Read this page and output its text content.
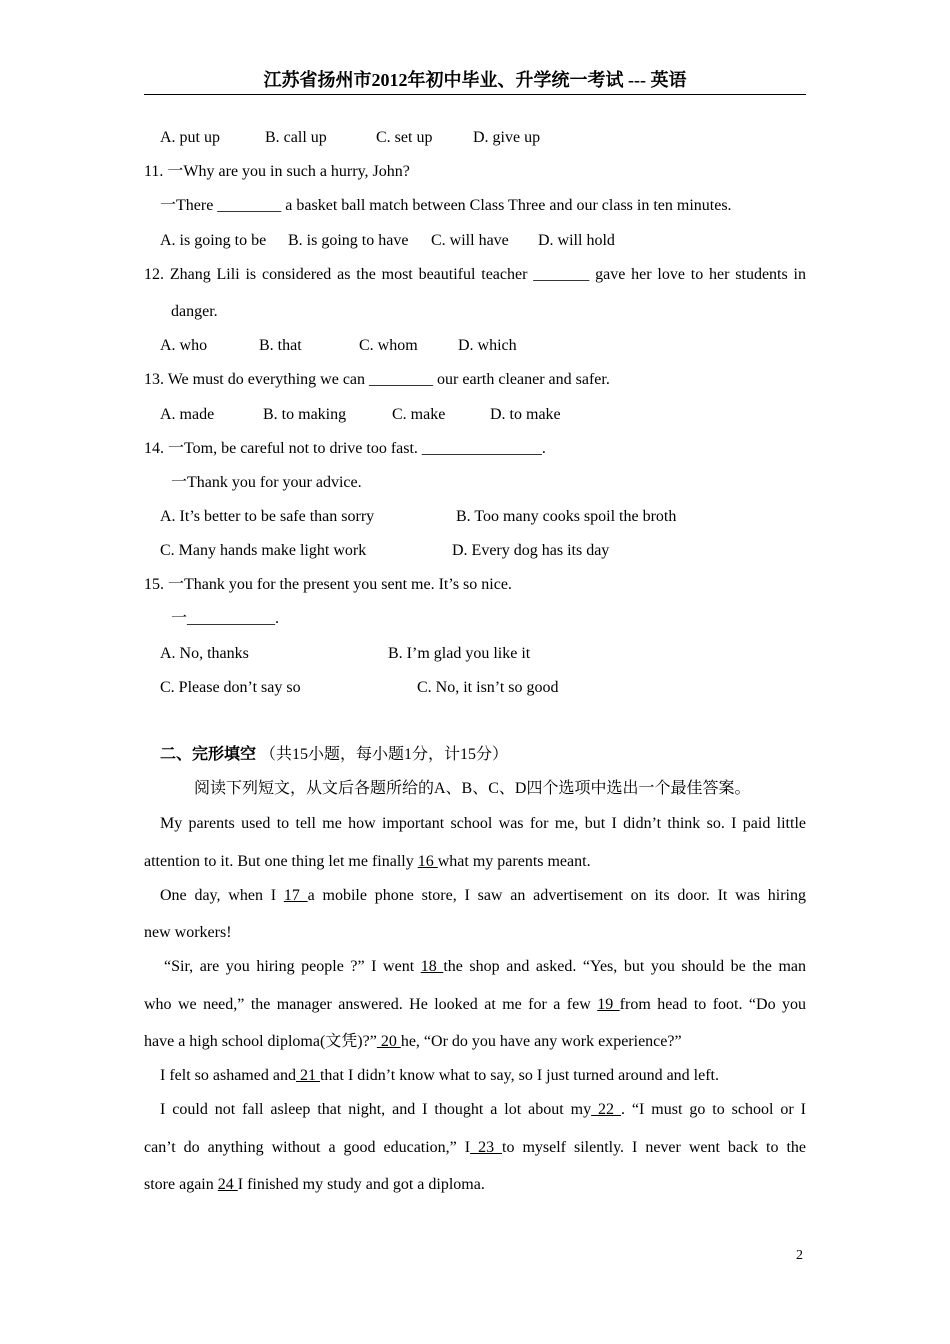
江苏省扬州市2012年初中毕业、升学统一考试 --- 英语
A. put up	B. call up	C. set up	D. give up
11. 一Why are you in such a hurry, John?
一There ________ a basket ball match between Class Three and our class in ten minutes.
A. is going to be B. is going to have C. will have D. will hold
12. Zhang Lili is considered as the most beautiful teacher _______ gave her love to her students in
danger.
A. who	B. that	C. whom	D. which
13. We must do everything we can ________ our earth cleaner and safer.
A. made	B. to making	C. make	D. to make
14. 一Tom, be careful not to drive too fast. _______________.
一Thank you for your advice.
A. It’s better to be safe than sorry	B. Too many cooks spoil the broth
C. Many hands make light work	D. Every dog has its day
15. 一Thank you for the present you sent me. It’s so nice.
一___________.
A. No, thanks	B. I’m glad you like it
C. Please don’t say so	C. No, it isn’t so good
二、完形填空 （共15小题，每小题1分，计15分）
阅读下列短文，从文后各题所给的A、B、C、D四个选项中选出一个最佳答案。
My parents used to tell me how important school was for me, but I didn’t think so. I paid little
attention to it. But one thing let me finally 16 what my parents meant.
One day, when I 17 a mobile phone store, I saw an advertisement on its door. It was hiring
new workers!
“Sir, are you hiring people ?” I went 18 the shop and asked. “Yes, but you should be the man
who we need,” the manager answered. He looked at me for a few 19 from head to foot. “Do you
have a high school diploma(文凭)?” 20 he, “Or do you have any work experience?”
I felt so ashamed and 21 that I didn’t know what to say, so I just turned around and left.
I could not fall asleep that night, and I thought a lot about my 22 . “I must go to school or I
can’t do anything without a good education,” I 23 to myself silently. I never went back to the
store again 24 I finished my study and got a diploma.
2
